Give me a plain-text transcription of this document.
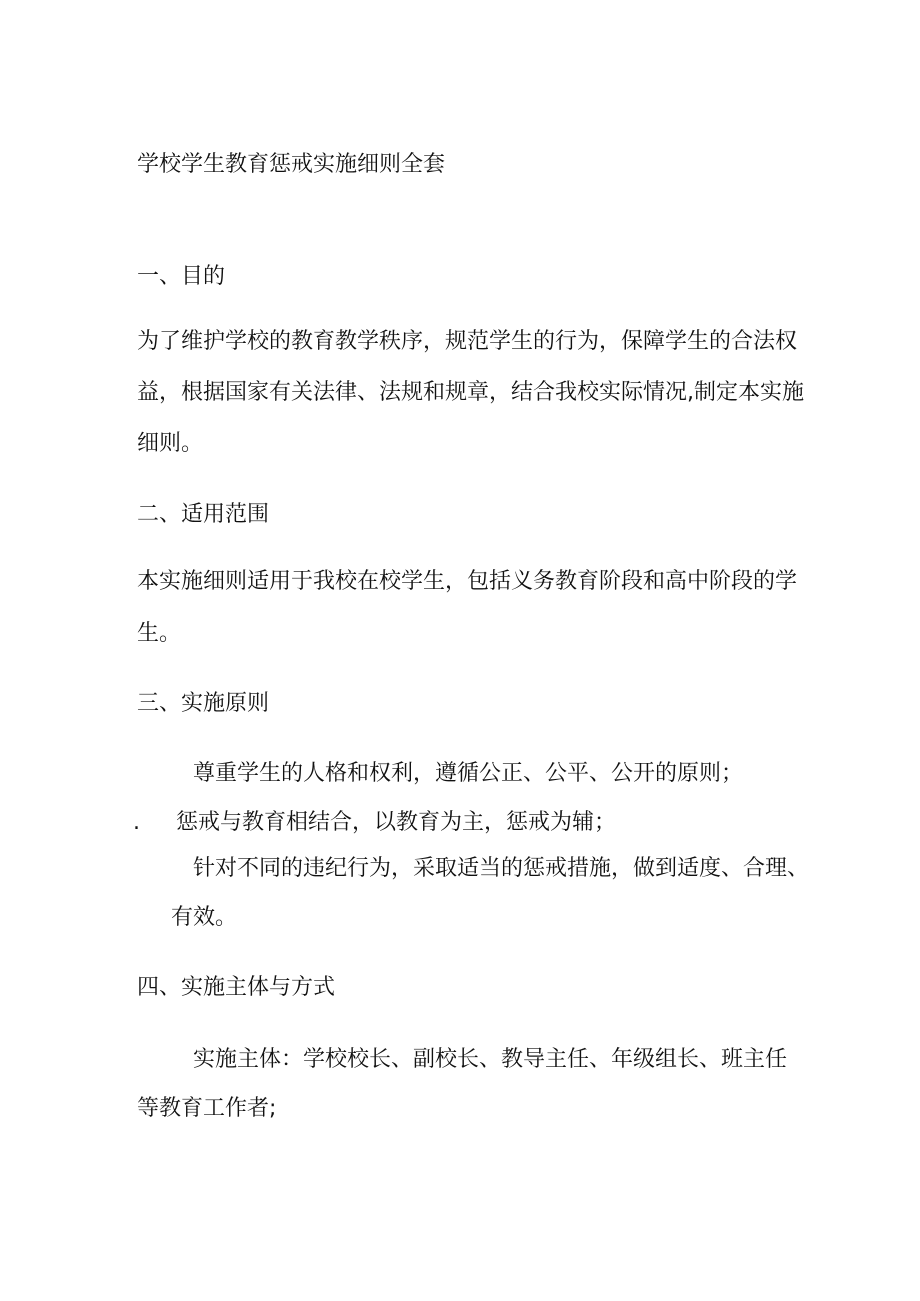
学校学生教育惩戒实施细则全套

一、目的

为了维护学校的教育教学秩序，规范学生的行为，保障学生的合法权

益，根据国家有关法律、法规和规章，结合我校实际情况,制定本实施

细则。

二、适用范围

本实施细则适用于我校在校学生，包括义务教育阶段和高中阶段的学

生。

三、实施原则

尊重学生的人格和权利，遵循公正、公平、公开的原则；

. 惩戒与教育相结合，以教育为主，惩戒为辅；

针对不同的违纪行为，采取适当的惩戒措施，做到适度、合理、

有效。

四、实施主体与方式

实施主体：学校校长、副校长、教导主任、年级组长、班主任

等教育工作者;
